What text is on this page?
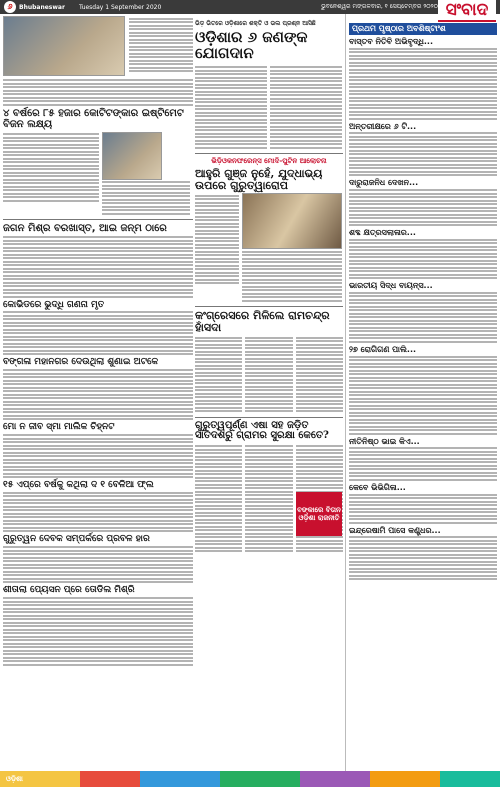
୬	Bhubaneswar Tuesday 1 September 2020	ଭୁବନେଶ୍ୱର ମଙ୍ଗଳବାର, ୧ ସେପ୍ଟେମ୍ବର ୨୦୨୦ ସଂବାଦ
୪ ବର୍ଷରେ ୮୫ ହଜାର କୋଟିଟଙ୍କାର ଇଷ୍ଟିମେଟ ବିଜନ ଲକ୍ଷ୍ୟ
ଜଗନ ମିଶ୍ର ବରଖାସ୍ତ, ଆଇ ଜନ୍ମ ଠାରେ
କୋଭିଡରେ ଭୁଦ୍ଧି ଗଣନା ମୃତ
ବଙ୍ଗଳା ମହାନଗର ଦେଉଥିଲା ଶୁଣାଇ ଅଟକେ
ମୋ ନ ଜୀବ ସ୍ମା ମାଲିକ ଚିହ୍ନଟ
୧୫ ଏପ୍ରେ ବର୍ଷକୁ କଥିଲା ଦ ୧ ବେଳିଆ ଫ୍ଲ
ଗୁରୁତ୍ୱନ ଦେବକ ସମ୍ପର୍କରେ ପ୍ରବଳ ହାର
ଶୀତାଲା ପ୍ୟେସନ ପ୍ରେ ତୋଡିଲ ମିଶ୍ରି
ଭିଡ଼ ଭିତରେ ଓଡ଼ିଶାରେ ଶକ୍ତି ଓ ଭଲ ପ୍ରଶ୍ନ ଆସିଛି
ଓଡ଼ିଶାର ୬ ଜଣଙ୍କ ଯୋଗଦାନ
ଭିଡ଼ିଓକନଫରେନ୍ସ ମୋଦି-ପୁଟିନ ଆଲୋଚନା
ଆହୁରି ଗୁଞ୍ଜ ନୁହେଁ, ଯୁଦ୍ଧାଭ୍ୟ ଉପରେ ଗୁରୁତ୍ୱାରୋପ
କଂଗ୍ରେସରେ ମିଳିଲେ ରାମଚନ୍ଦ୍ର ହାଁସଦା
ଗୁରୁତ୍ୱପୂର୍ଣ୍ଣ ଏଷା ସହ ଜଡ଼ିତ ସାତଦଶରୁ ଗ୍ରାମର ସୁରକ୍ଷା କେତେ?
ବଙ୍କାରେ ବିତାନ ଓଡ଼ିଶା ରାଜନୀତି
ପ୍ରଥମ ପୃଷ୍ଠାର ଅବଶିଷ୍ଟାଂଶ
ବାସ୍ତବ ନିତିବି ଅଭିବୃଦ୍ଧି...
ଅନ୍ତରୀକ୍ଷରେ ୬ ଟି...
ଦାରୁରାଜନିଧ ଦେଖନ...
ଶବ୍ଦ କ୍ଷତ୍ରସଲାଳାର...
ଭାରତୀୟ ସିଦ୍ଧ ବାୟନ୍ସ...
୨୭ ରୋଗିଗଣ ପାଲି...
ନୀତିନିଷ୍ଠ ଭାଇ କିଏ...
କେବେ ଭିଭିଗିଳା...
ଇନ୍ଦ୍ରେଷାମି ପାସେ କଣ୍ଡ୍ଧର...
ଓଡ଼ିଶା
